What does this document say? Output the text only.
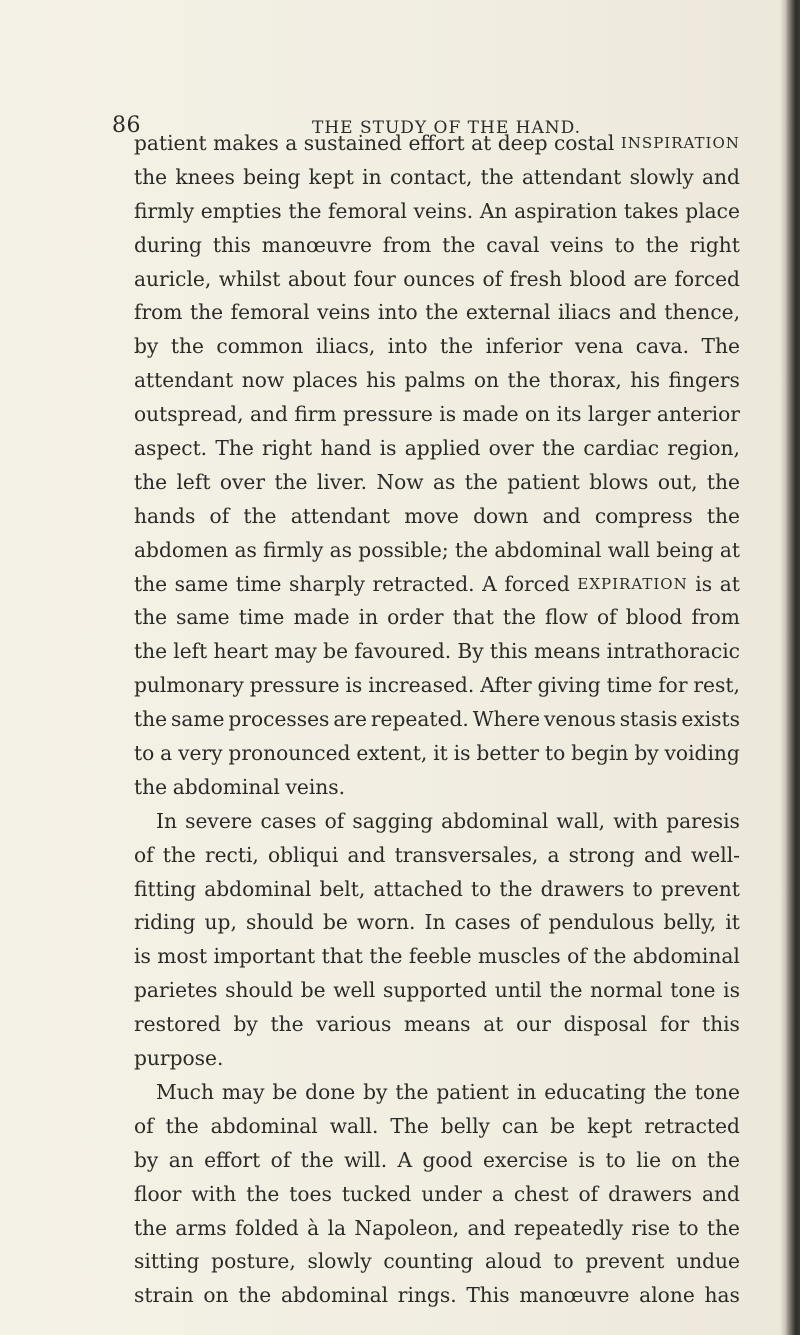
86	THE STUDY OF THE HAND.
patient makes a sustained effort at deep costal INSPIRATION
the knees being kept in contact, the attendant slowly and
firmly empties the femoral veins. An aspiration takes place
during this manœuvre from the caval veins to the right
auricle, whilst about four ounces of fresh blood are forced
from the femoral veins into the external iliacs and thence,
by the common iliacs, into the inferior vena cava. The
attendant now places his palms on the thorax, his fingers
outspread, and firm pressure is made on its larger anterior
aspect. The right hand is applied over the cardiac region,
the left over the liver. Now as the patient blows out, the
hands of the attendant move down and compress the
abdomen as firmly as possible; the abdominal wall being at
the same time sharply retracted. A forced EXPIRATION is at
the same time made in order that the flow of blood from
the left heart may be favoured. By this means intrathoracic
pulmonary pressure is increased. After giving time for rest,
the same processes are repeated. Where venous stasis exists
to a very pronounced extent, it is better to begin by voiding
the abdominal veins.
In severe cases of sagging abdominal wall, with paresis
of the recti, obliqui and transversales, a strong and well-
fitting abdominal belt, attached to the drawers to prevent
riding up, should be worn. In cases of pendulous belly, it
is most important that the feeble muscles of the abdominal
parietes should be well supported until the normal tone is
restored by the various means at our disposal for this
purpose.
Much may be done by the patient in educating the tone
of the abdominal wall. The belly can be kept retracted
by an effort of the will. A good exercise is to lie on the
floor with the toes tucked under a chest of drawers and
the arms folded à la Napoleon, and repeatedly rise to the
sitting posture, slowly counting aloud to prevent undue
strain on the abdominal rings. This manœuvre alone has
